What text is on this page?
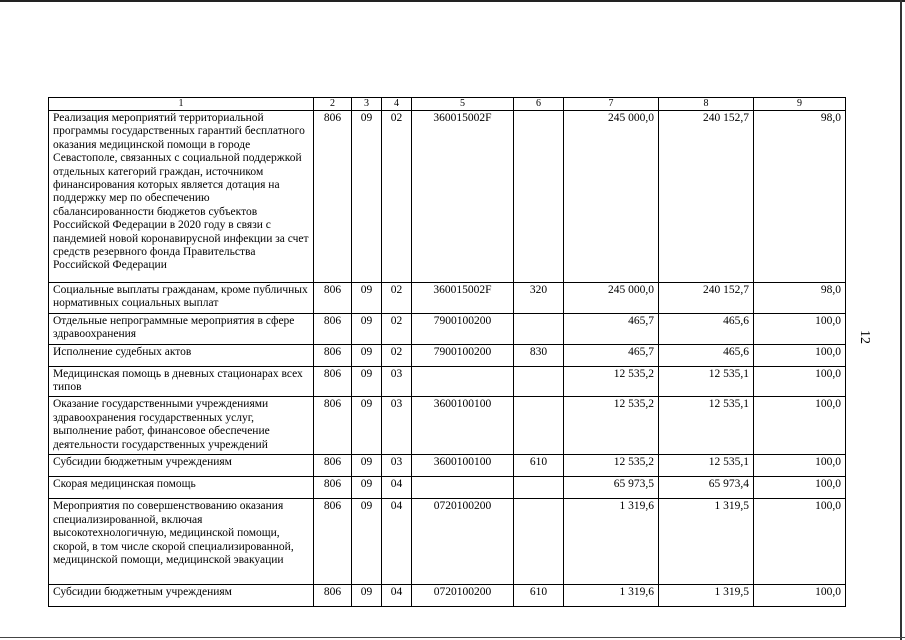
12
1	2	3	4	5	6	7	8	9
Реализация мероприятий территориальной программы государственных гарантий бесплатного оказания медицинской помощи в городе Севастополе, связанных с социальной поддержкой отдельных категорий граждан, источником финансирования которых является дотация на поддержку мер по обеспечению сбалансированности бюджетов субъектов Российской Федерации в 2020 году в связи с пандемией новой коронавирусной инфекции за счет средств резервного фонда Правительства Российской Федерации	806	09	02	360015002F		245 000,0	240 152,7	98,0
Социальные выплаты гражданам, кроме публичных нормативных социальных выплат	806	09	02	360015002F	320	245 000,0	240 152,7	98,0
Отдельные непрограммные мероприятия в сфере здравоохранения	806	09	02	7900100200		465,7	465,6	100,0
Исполнение судебных актов	806	09	02	7900100200	830	465,7	465,6	100,0
Медицинская помощь в дневных стационарах всех типов	806	09	03			12 535,2	12 535,1	100,0
Оказание государственными учреждениями здравоохранения государственных услуг, выполнение работ, финансовое обеспечение деятельности государственных учреждений	806	09	03	3600100100		12 535,2	12 535,1	100,0
Субсидии бюджетным учреждениям	806	09	03	3600100100	610	12 535,2	12 535,1	100,0
Скорая медицинская помощь	806	09	04			65 973,5	65 973,4	100,0
Мероприятия по совершенствованию оказания специализированной, включая высокотехнологичную, медицинской помощи, скорой, в том числе скорой специализированной, медицинской помощи, медицинской эвакуации	806	09	04	0720100200		1 319,6	1 319,5	100,0
Субсидии бюджетным учреждениям	806	09	04	0720100200	610	1 319,6	1 319,5	100,0
